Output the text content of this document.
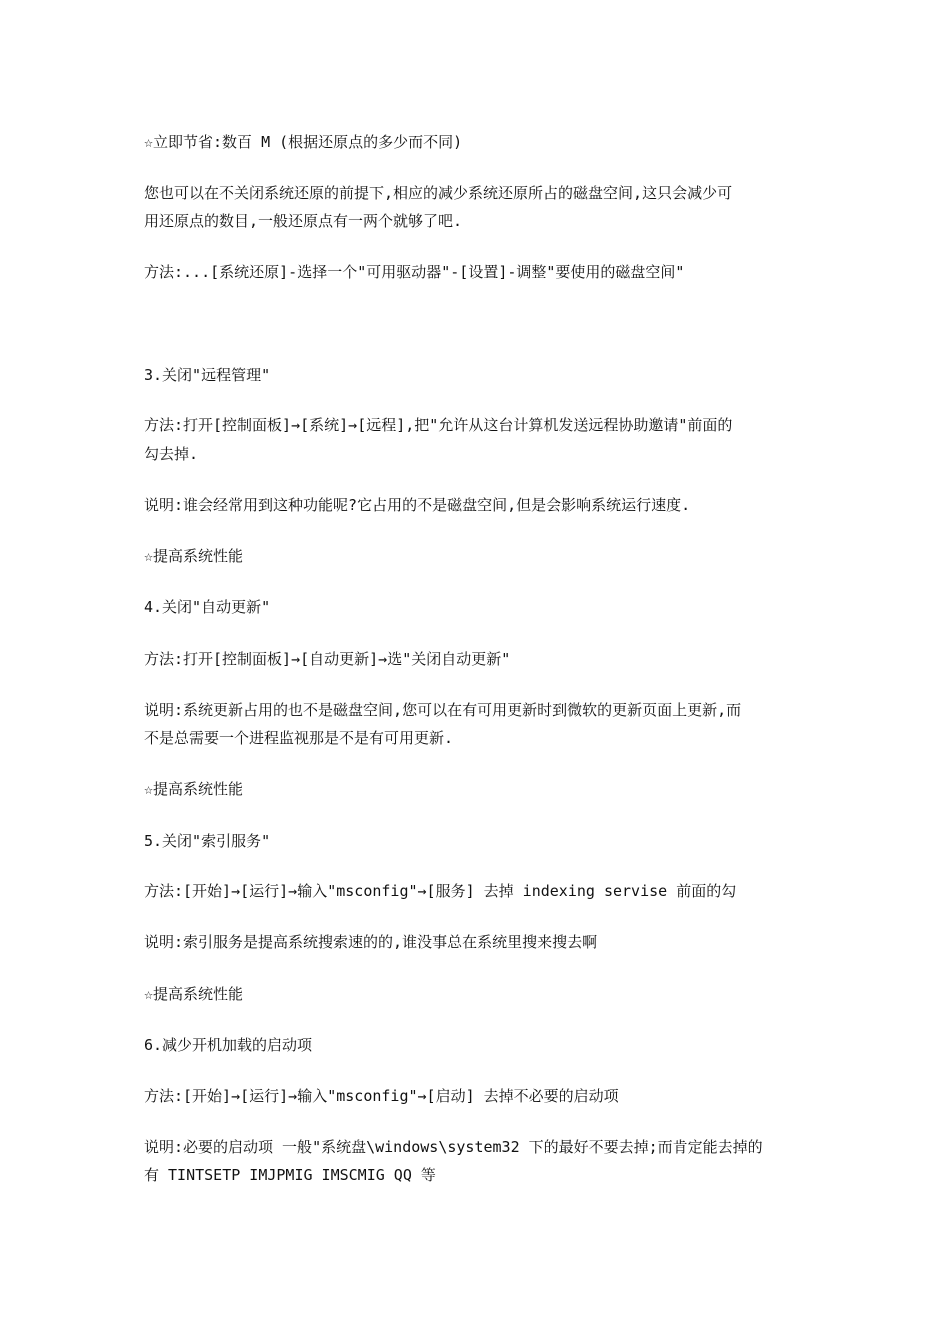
☆立即节省:数百 M (根据还原点的多少而不同)

您也可以在不关闭系统还原的前提下,相应的减少系统还原所占的磁盘空间,这只会减少可

用还原点的数目,一般还原点有一两个就够了吧.

方法:...[系统还原]-选择一个"可用驱动器"-[设置]-调整"要使用的磁盘空间"

3.关闭"远程管理"

方法:打开[控制面板]→[系统]→[远程],把"允许从这台计算机发送远程协助邀请"前面的

勾去掉.

说明:谁会经常用到这种功能呢?它占用的不是磁盘空间,但是会影响系统运行速度.

☆提高系统性能

4.关闭"自动更新"

方法:打开[控制面板]→[自动更新]→选"关闭自动更新"

说明:系统更新占用的也不是磁盘空间,您可以在有可用更新时到微软的更新页面上更新,而

不是总需要一个进程监视那是不是有可用更新.

☆提高系统性能

5.关闭"索引服务"

方法:[开始]→[运行]→输入"msconfig"→[服务] 去掉 indexing servise 前面的勾

说明:索引服务是提高系统搜索速的的,谁没事总在系统里搜来搜去啊

☆提高系统性能

6.减少开机加载的启动项

方法:[开始]→[运行]→输入"msconfig"→[启动] 去掉不必要的启动项

说明:必要的启动项 一般"系统盘\windows\system32 下的最好不要去掉;而肯定能去掉的

有 TINTSETP IMJPMIG IMSCMIG QQ 等
